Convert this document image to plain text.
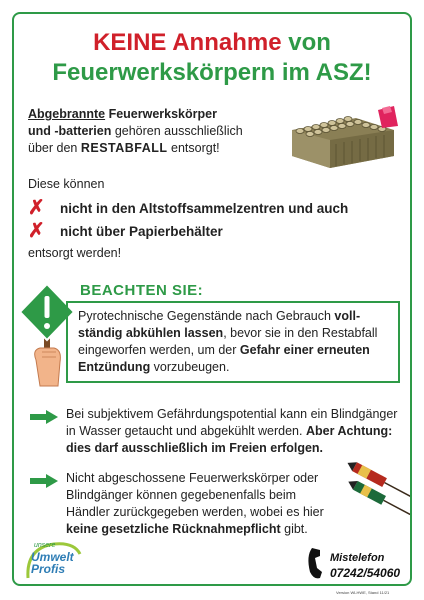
KEINE Annahme von
Feuerwerkskörpern im ASZ!
Abgebrannte Feuerwerkskörper
und -batterien gehören ausschließlich
über den RESTABFALL entsorgt!
Diese können
✗	nicht in den Altstoffsammelzentren und auch
✗	nicht über Papierbehälter
entsorgt werden!
BEACHTEN SIE:
Pyrotechnische Gegenstände nach Gebrauch voll-
ständig abkühlen lassen, bevor sie in den Restabfall
eingeworfen werden, um der Gefahr einer erneuten
Entzündung vorzubeugen.
Bei subjektivem Gefährdungspotential kann ein Blindgänger
in Wasser getaucht und abgekühlt werden. Aber Achtung:
dies darf ausschließlich im Freien erfolgen.
Nicht abgeschossene Feuerwerkskörper oder
Blindgänger können gegebenenfalls beim
Händler zurückgegeben werden, wobei es hier
keine gesetzliche Rücknahmepflicht gibt.
unsere
Umwelt
Profis
Mistelefon
07242/54060
Version WLHWE, Stand 11/21
